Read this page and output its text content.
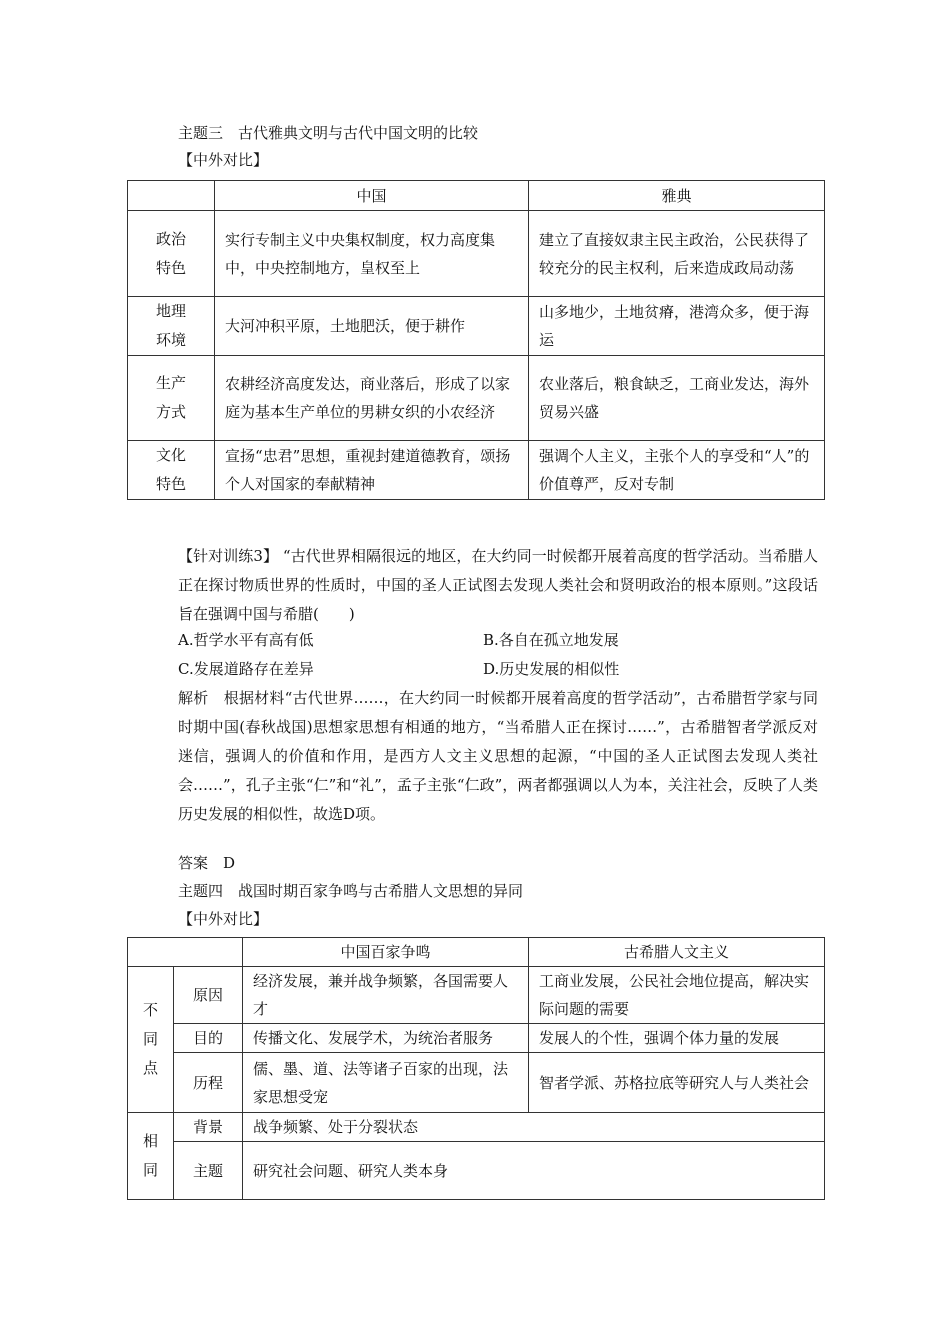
主题三　古代雅典文明与古代中国文明的比较
【中外对比】
	中国	雅典

政治特色	实行专制主义中央集权制度，权力高度集中，中央控制地方，皇权至上	建立了直接奴隶主民主政治，公民获得了较充分的民主权利，后来造成政局动荡

地理环境	大河冲积平原，土地肥沃，便于耕作	山多地少，土地贫瘠，港湾众多，便于海运

生产方式	农耕经济高度发达，商业落后，形成了以家庭为基本生产单位的男耕女织的小农经济	农业落后，粮食缺乏，工商业发达，海外贸易兴盛

文化特色	宣扬“忠君”思想，重视封建道德教育，颂扬个人对国家的奉献精神	强调个人主义，主张个人的享受和“人”的价值尊严，反对专制
【针对训练3】 “古代世界相隔很远的地区，在大约同一时候都开展着高度的哲学活动。当希腊人正在探讨物质世界的性质时，中国的圣人正试图去发现人类社会和贤明政治的根本原则。”这段话旨在强调中国与希腊(　　)
A.哲学水平有高有低	B.各自在孤立地发展
C.发展道路存在差异	D.历史发展的相似性
解析　根据材料“古代世界……，在大约同一时候都开展着高度的哲学活动”，古希腊哲学家与同时期中国(春秋战国)思想家思想有相通的地方，“当希腊人正在探讨……”，古希腊智者学派反对迷信，强调人的价值和作用，是西方人文主义思想的起源，“中国的圣人正试图去发现人类社会……”，孔子主张“仁”和“礼”，孟子主张“仁政”，两者都强调以人为本，关注社会，反映了人类历史发展的相似性，故选D项。
答案　D
主题四　战国时期百家争鸣与古希腊人文思想的异同
【中外对比】
		中国百家争鸣	古希腊人文主义

不同点	原因	经济发展，兼并战争频繁，各国需要人才	工商业发展，公民社会地位提高，解决实际问题的需要
	目的	传播文化、发展学术，为统治者服务	发展人的个性，强调个体力量的发展
	历程	儒、墨、道、法等诸子百家的出现，法家思想受宠	智者学派、苏格拉底等研究人与人类社会

相同	背景	战争频繁、处于分裂状态	
	主题	研究社会问题、研究人类本身	
